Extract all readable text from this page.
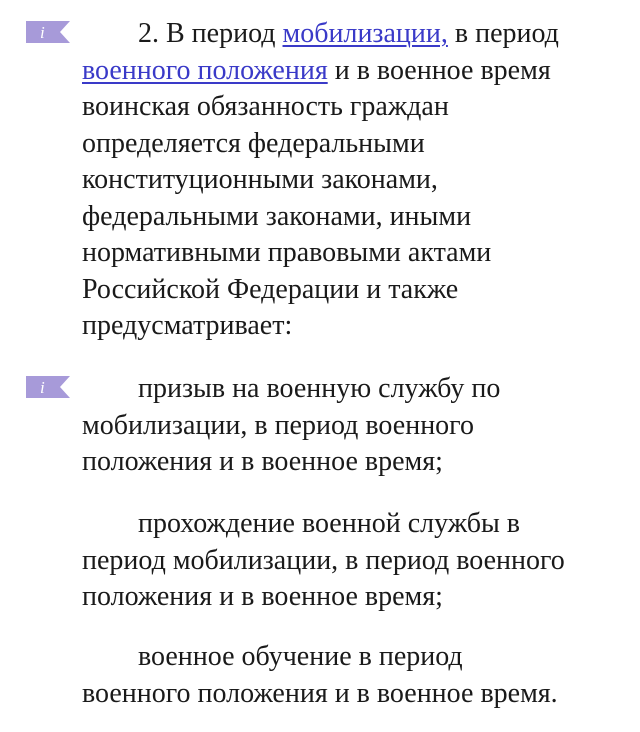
i	2. В период мобилизации, в период
военного положения и в военное время
воинская обязанность граждан
определяется федеральными
конституционными законами,
федеральными законами, иными
нормативными правовыми актами
Российской Федерации и также
предусматривает:

i	призыв на военную службу по
мобилизации, в период военного
положения и в военное время;

прохождение военной службы в
период мобилизации, в период военного
положения и в военное время;

военное обучение в период
военного положения и в военное время.
